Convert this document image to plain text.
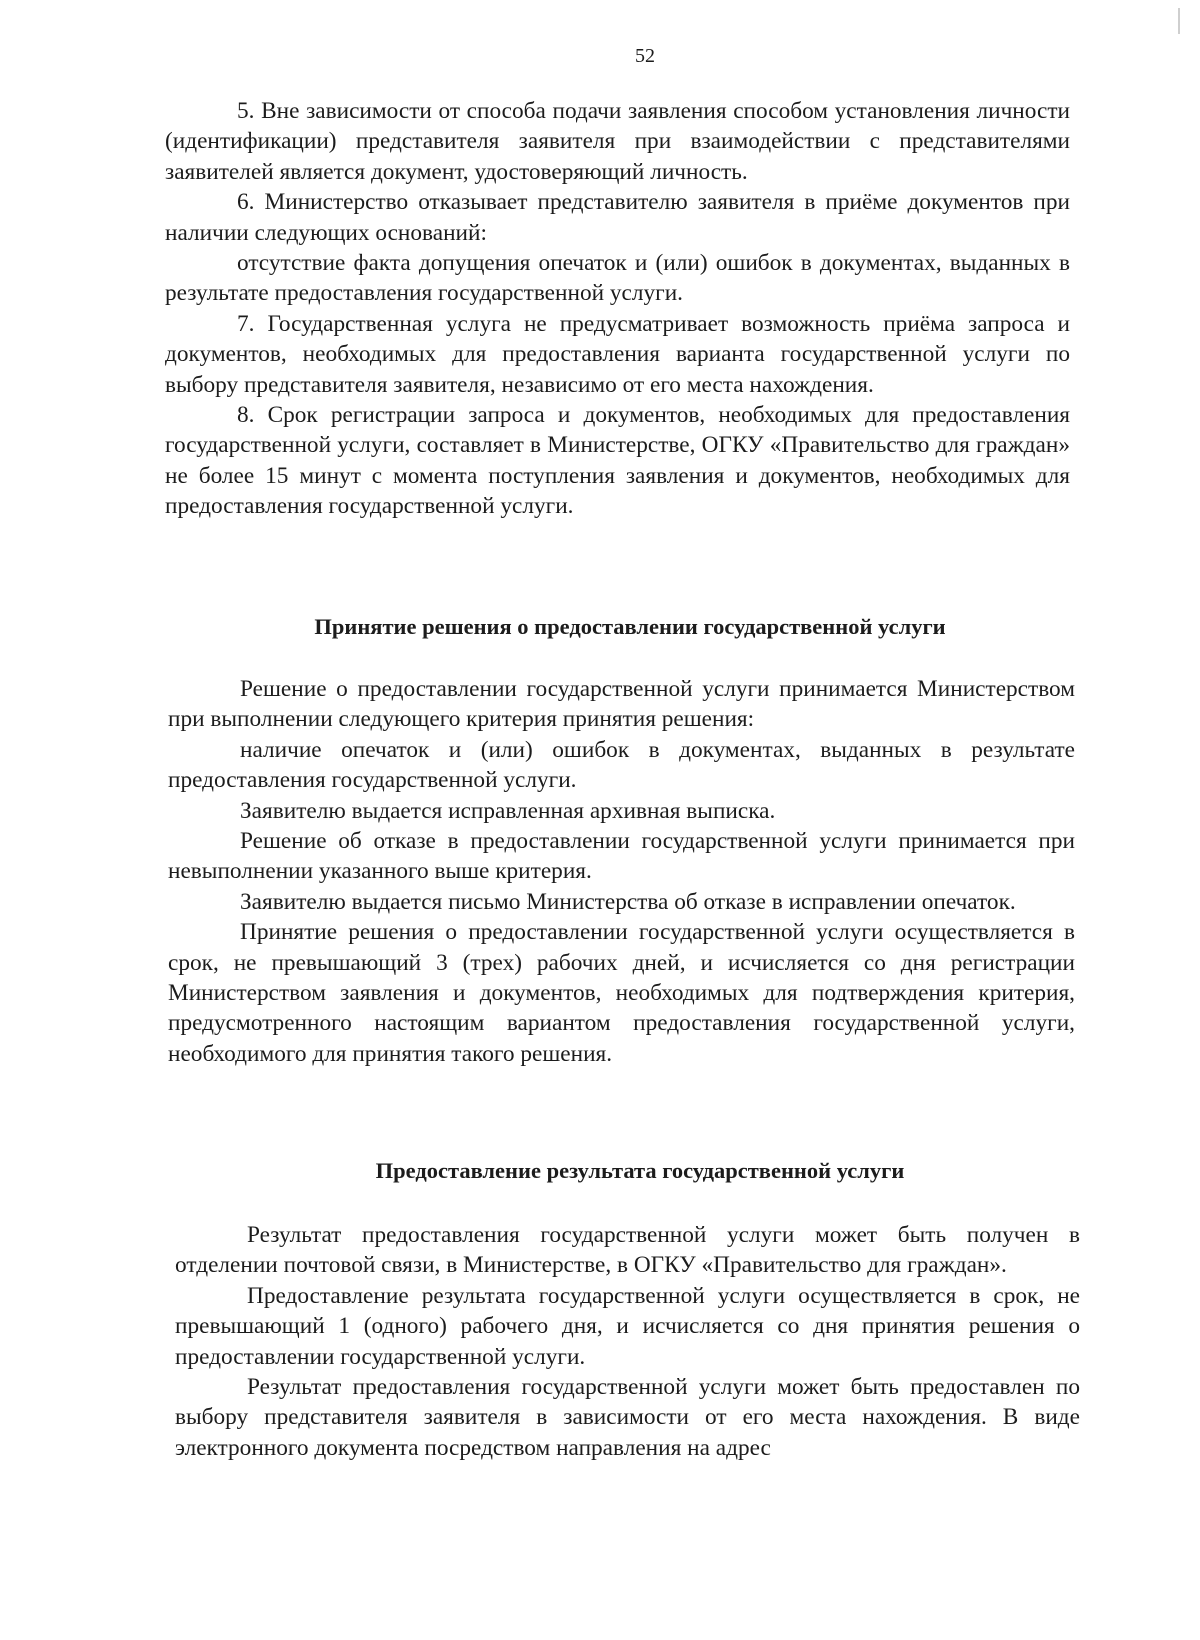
52

5. Вне зависимости от способа подачи заявления способом установления личности (идентификации) представителя заявителя при взаимодействии с представителями заявителей является документ, удостоверяющий личность.

6. Министерство отказывает представителю заявителя в приёме документов при наличии следующих оснований:

отсутствие факта допущения опечаток и (или) ошибок в документах, выданных в результате предоставления государственной услуги.

7. Государственная услуга не предусматривает возможность приёма запроса и документов, необходимых для предоставления варианта государственной услуги по выбору представителя заявителя, независимо от его места нахождения.

8. Срок регистрации запроса и документов, необходимых для предоставления государственной услуги, составляет в Министерстве, ОГКУ «Правительство для граждан» не более 15 минут с момента поступления заявления и документов, необходимых для предоставления государственной услуги.

Принятие решения о предоставлении государственной услуги

Решение о предоставлении государственной услуги принимается Министерством при выполнении следующего критерия принятия решения:

наличие опечаток и (или) ошибок в документах, выданных в результате предоставления государственной услуги.

Заявителю выдается исправленная архивная выписка.

Решение об отказе в предоставлении государственной услуги принимается при невыполнении указанного выше критерия.

Заявителю выдается письмо Министерства об отказе в исправлении опечаток.

Принятие решения о предоставлении государственной услуги осуществляется в срок, не превышающий 3 (трех) рабочих дней, и исчисляется со дня регистрации Министерством заявления и документов, необходимых для подтверждения критерия, предусмотренного настоящим вариантом предоставления государственной услуги, необходимого для принятия такого решения.

Предоставление результата государственной услуги

Результат предоставления государственной услуги может быть получен в отделении почтовой связи, в Министерстве, в ОГКУ «Правительство для граждан».

Предоставление результата государственной услуги осуществляется в срок, не превышающий 1 (одного) рабочего дня, и исчисляется со дня принятия решения о предоставлении государственной услуги.

Результат предоставления государственной услуги может быть предоставлен по выбору представителя заявителя в зависимости от его места нахождения. В виде электронного документа посредством направления на адрес
